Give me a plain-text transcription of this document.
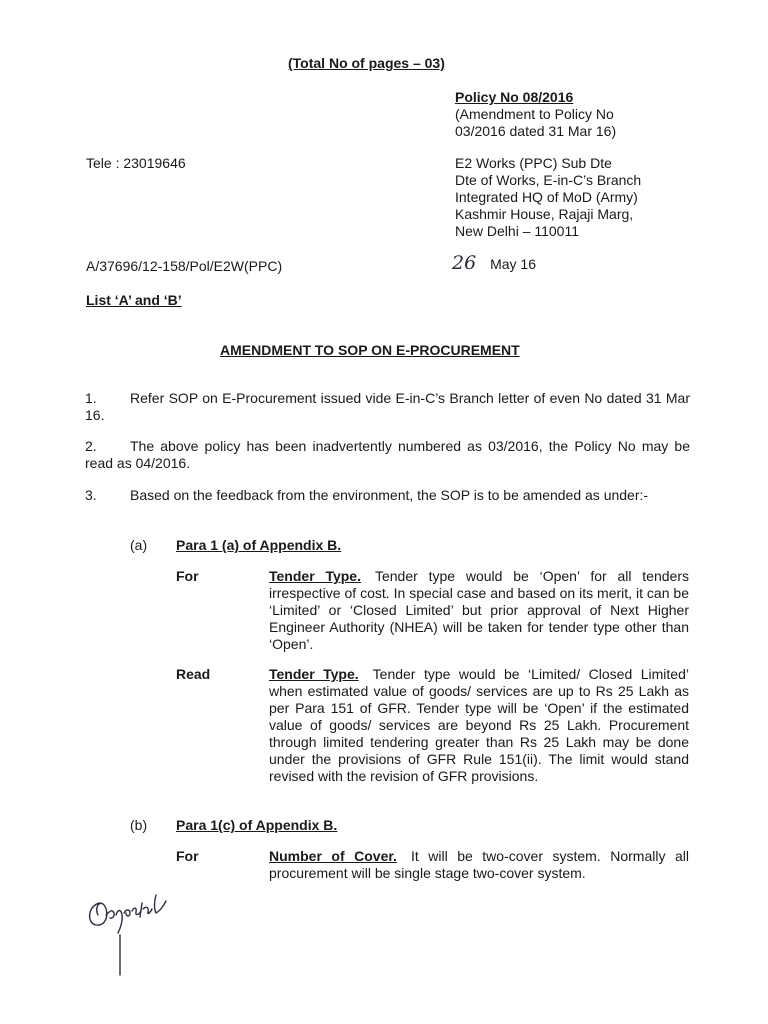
(Total No of pages – 03)
Policy No 08/2016
(Amendment to Policy No
03/2016 dated 31 Mar 16)
Tele : 23019646	E2 Works (PPC) Sub Dte
Dte of Works, E-in-C’s Branch
Integrated HQ of MoD (Army)
Kashmir House, Rajaji Marg,
New Delhi – 110011
A/37696/12-158/Pol/E2W(PPC)	26 May 16
List ‘A’ and ‘B’
AMENDMENT TO SOP ON E-PROCUREMENT
1. Refer SOP on E-Procurement issued vide E-in-C’s Branch letter of even No dated 31 Mar 16.
2. The above policy has been inadvertently numbered as 03/2016, the Policy No may be read as 04/2016.
3. Based on the feedback from the environment, the SOP is to be amended as under:-
(a) Para 1 (a) of Appendix B.
For	Tender Type. Tender type would be ‘Open’ for all tenders irrespective of cost. In special case and based on its merit, it can be ‘Limited’ or ‘Closed Limited’ but prior approval of Next Higher Engineer Authority (NHEA) will be taken for tender type other than ‘Open’.
Read	Tender Type. Tender type would be ‘Limited/ Closed Limited’ when estimated value of goods/ services are up to Rs 25 Lakh as per Para 151 of GFR. Tender type will be ‘Open’ if the estimated value of goods/ services are beyond Rs 25 Lakh. Procurement through limited tendering greater than Rs 25 Lakh may be done under the provisions of GFR Rule 151(ii). The limit would stand revised with the revision of GFR provisions.
(b) Para 1(c) of Appendix B.
For	Number of Cover. It will be two-cover system. Normally all procurement will be single stage two-cover system.
